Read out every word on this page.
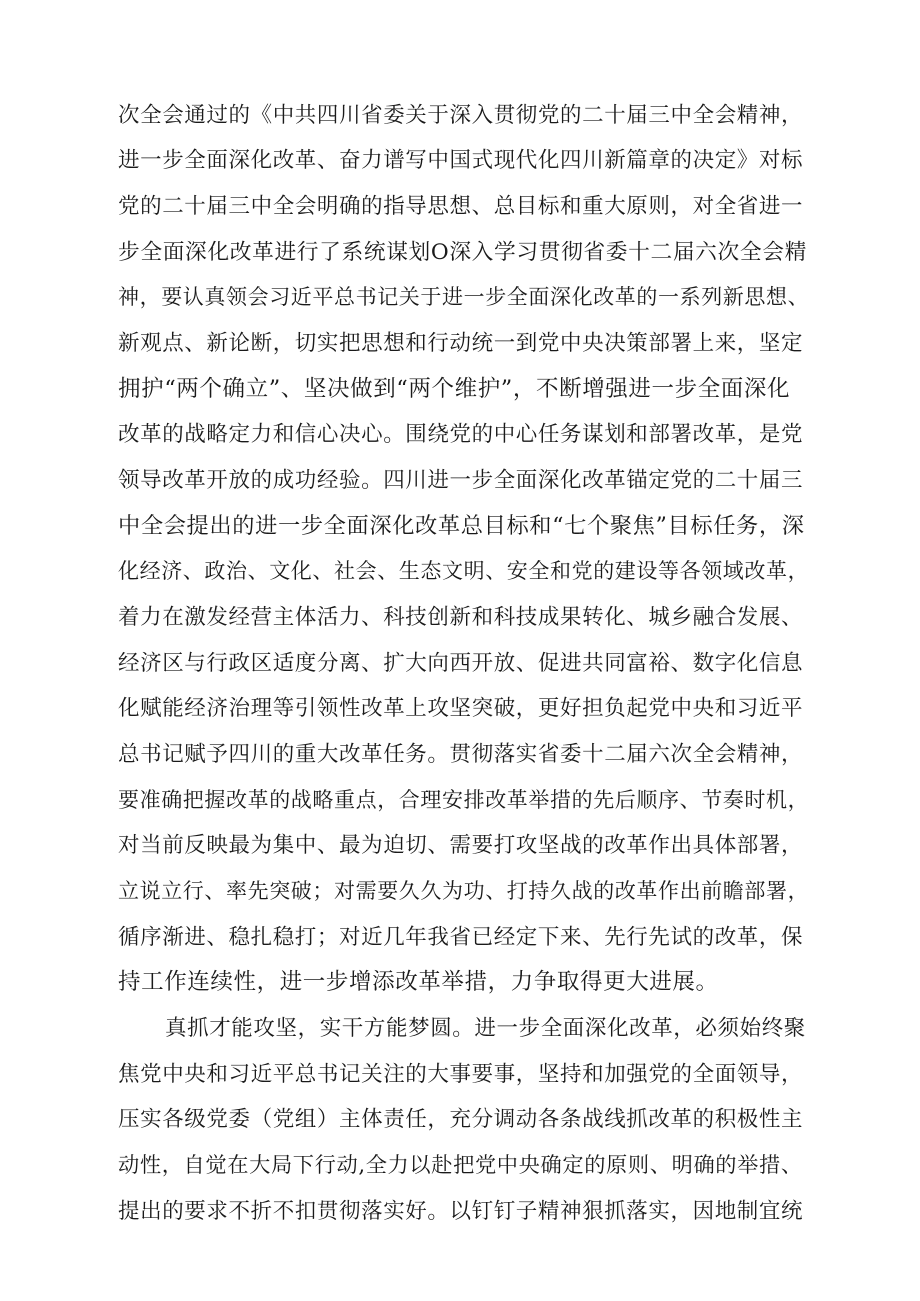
次全会通过的《中共四川省委关于深入贯彻党的二十届三中全会精神，
进一步全面深化改革、奋力谱写中国式现代化四川新篇章的决定》对标
党的二十届三中全会明确的指导思想、总目标和重大原则，对全省进一
步全面深化改革进行了系统谋划O深入学习贯彻省委十二届六次全会精
神，要认真领会习近平总书记关于进一步全面深化改革的一系列新思想、
新观点、新论断，切实把思想和行动统一到党中央决策部署上来，坚定
拥护“两个确立”、坚决做到“两个维护”，不断增强进一步全面深化
改革的战略定力和信心决心。围绕党的中心任务谋划和部署改革，是党
领导改革开放的成功经验。四川进一步全面深化改革锚定党的二十届三
中全会提出的进一步全面深化改革总目标和“七个聚焦”目标任务，深
化经济、政治、文化、社会、生态文明、安全和党的建设等各领域改革，
着力在激发经营主体活力、科技创新和科技成果转化、城乡融合发展、
经济区与行政区适度分离、扩大向西开放、促进共同富裕、数字化信息
化赋能经济治理等引领性改革上攻坚突破，更好担负起党中央和习近平
总书记赋予四川的重大改革任务。贯彻落实省委十二届六次全会精神，
要准确把握改革的战略重点，合理安排改革举措的先后顺序、节奏时机，
对当前反映最为集中、最为迫切、需要打攻坚战的改革作出具体部署，
立说立行、率先突破；对需要久久为功、打持久战的改革作出前瞻部署，
循序渐进、稳扎稳打；对近几年我省已经定下来、先行先试的改革，保
持工作连续性，进一步增添改革举措，力争取得更大进展。
真抓才能攻坚，实干方能梦圆。进一步全面深化改革，必须始终聚
焦党中央和习近平总书记关注的大事要事，坚持和加强党的全面领导，
压实各级党委（党组）主体责任，充分调动各条战线抓改革的积极性主
动性，自觉在大局下行动,全力以赴把党中央确定的原则、明确的举措、
提出的要求不折不扣贯彻落实好。以钉钉子精神狠抓落实，因地制宜统
